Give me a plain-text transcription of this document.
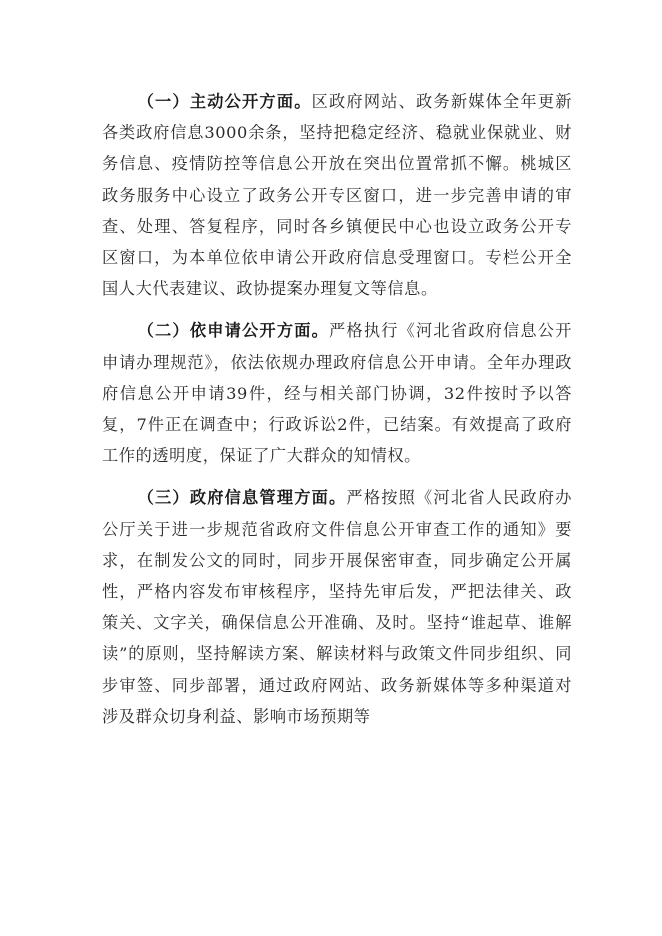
（一）主动公开方面。区政府网站、政务新媒体全年更新各类政府信息3000余条，坚持把稳定经济、稳就业保就业、财务信息、疫情防控等信息公开放在突出位置常抓不懈。桃城区政务服务中心设立了政务公开专区窗口，进一步完善申请的审查、处理、答复程序，同时各乡镇便民中心也设立政务公开专区窗口，为本单位依申请公开政府信息受理窗口。专栏公开全国人大代表建议、政协提案办理复文等信息。

（二）依申请公开方面。严格执行《河北省政府信息公开申请办理规范》，依法依规办理政府信息公开申请。全年办理政府信息公开申请39件，经与相关部门协调，32件按时予以答复，7件正在调查中；行政诉讼2件，已结案。有效提高了政府工作的透明度，保证了广大群众的知情权。

（三）政府信息管理方面。严格按照《河北省人民政府办公厅关于进一步规范省政府文件信息公开审查工作的通知》要求，在制发公文的同时，同步开展保密审查，同步确定公开属性，严格内容发布审核程序，坚持先审后发，严把法律关、政策关、文字关，确保信息公开准确、及时。坚持“谁起草、谁解读”的原则，坚持解读方案、解读材料与政策文件同步组织、同步审签、同步部署，通过政府网站、政务新媒体等多种渠道对涉及群众切身利益、影响市场预期等
